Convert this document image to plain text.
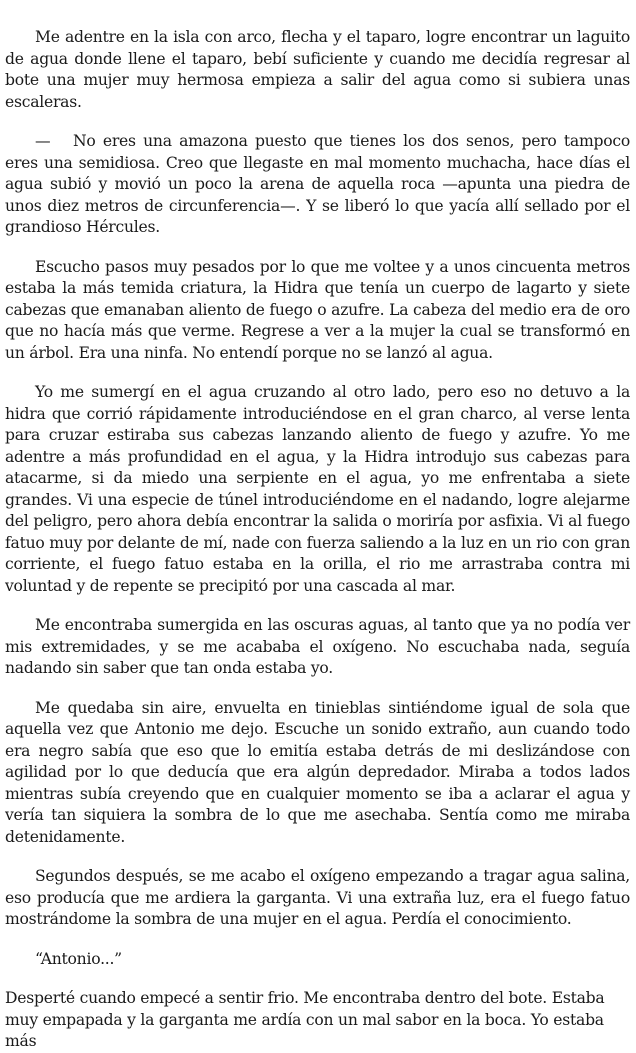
Me adentre en la isla con arco, flecha y el taparo, logre encontrar un laguito de agua donde llene el taparo, bebí suficiente y cuando me decidía regresar al bote una mujer muy hermosa empieza a salir del agua como si subiera unas escaleras.

— No eres una amazona puesto que tienes los dos senos, pero tampoco eres una semidiosa. Creo que llegaste en mal momento muchacha, hace días el agua subió y movió un poco la arena de aquella roca —apunta una piedra de unos diez metros de circunferencia—. Y se liberó lo que yacía allí sellado por el grandioso Hércules.

Escucho pasos muy pesados por lo que me voltee y a unos cincuenta metros estaba la más temida criatura, la Hidra que tenía un cuerpo de lagarto y siete cabezas que emanaban aliento de fuego o azufre. La cabeza del medio era de oro que no hacía más que verme. Regrese a ver a la mujer la cual se transformó en un árbol. Era una ninfa. No entendí porque no se lanzó al agua.

Yo me sumergí en el agua cruzando al otro lado, pero eso no detuvo a la hidra que corrió rápidamente introduciéndose en el gran charco, al verse lenta para cruzar estiraba sus cabezas lanzando aliento de fuego y azufre. Yo me adentre a más profundidad en el agua, y la Hidra introdujo sus cabezas para atacarme, si da miedo una serpiente en el agua, yo me enfrentaba a siete grandes. Vi una especie de túnel introduciéndome en el nadando, logre alejarme del peligro, pero ahora debía encontrar la salida o moriría por asfixia. Vi al fuego fatuo muy por delante de mí, nade con fuerza saliendo a la luz en un rio con gran corriente, el fuego fatuo estaba en la orilla, el rio me arrastraba contra mi voluntad y de repente se precipitó por una cascada al mar.

Me encontraba sumergida en las oscuras aguas, al tanto que ya no podía ver mis extremidades, y se me acababa el oxígeno. No escuchaba nada, seguía nadando sin saber que tan onda estaba yo.

Me quedaba sin aire, envuelta en tinieblas sintiéndome igual de sola que aquella vez que Antonio me dejo. Escuche un sonido extraño, aun cuando todo era negro sabía que eso que lo emitía estaba detrás de mi deslizándose con agilidad por lo que deducía que era algún depredador. Miraba a todos lados mientras subía creyendo que en cualquier momento se iba a aclarar el agua y vería tan siquiera la sombra de lo que me asechaba. Sentía como me miraba detenidamente.

Segundos después, se me acabo el oxígeno empezando a tragar agua salina, eso producía que me ardiera la garganta. Vi una extraña luz, era el fuego fatuo mostrándome la sombra de una mujer en el agua. Perdía el conocimiento.

“Antonio...”

Desperté cuando empecé a sentir frio. Me encontraba dentro del bote. Estaba muy empapada y la garganta me ardía con un mal sabor en la boca. Yo estaba más
